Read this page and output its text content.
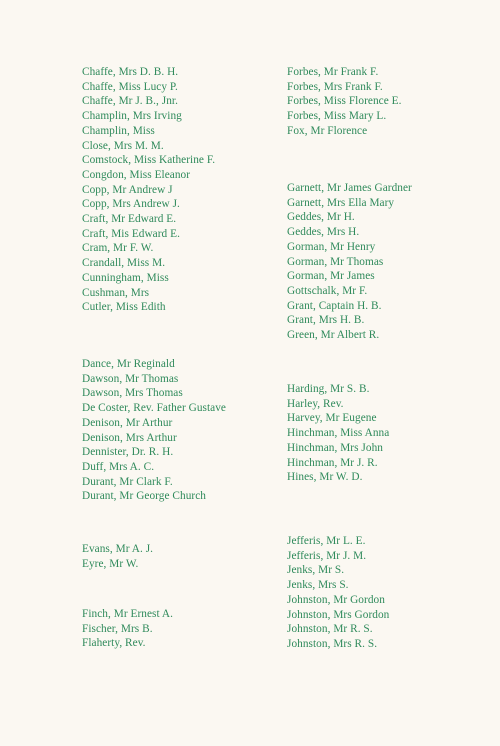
Chaffe, Mrs D. B. H.
Chaffe, Miss Lucy P.
Chaffe, Mr J. B., Jnr.
Champlin, Mrs Irving
Champlin, Miss
Close, Mrs M. M.
Comstock, Miss Katherine F.
Congdon, Miss Eleanor
Copp, Mr Andrew J
Copp, Mrs Andrew J.
Craft, Mr Edward E.
Craft, Mis Edward E.
Cram, Mr F. W.
Crandall, Miss M.
Cunningham, Miss
Cushman, Mrs
Cutler, Miss Edith
Dance, Mr Reginald
Dawson, Mr Thomas
Dawson, Mrs Thomas
De Coster, Rev. Father Gustave
Denison, Mr Arthur
Denison, Mrs Arthur
Dennister, Dr. R. H.
Duff, Mrs A. C.
Durant, Mr Clark F.
Durant, Mr George Church
Evans, Mr A. J.
Eyre, Mr W.
Finch, Mr Ernest A.
Fischer, Mrs B.
Flaherty, Rev.
Forbes, Mr Frank F.
Forbes, Mrs Frank F.
Forbes, Miss Florence E.
Forbes, Miss Mary L.
Fox, Mr Florence
Garnett, Mr James Gardner
Garnett, Mrs Ella Mary
Geddes, Mr H.
Geddes, Mrs H.
Gorman, Mr Henry
Gorman, Mr Thomas
Gorman, Mr James
Gottschalk, Mr F.
Grant, Captain H. B.
Grant, Mrs H. B.
Green, Mr Albert R.
Harding, Mr S. B.
Harley, Rev.
Harvey, Mr Eugene
Hinchman, Miss Anna
Hinchman, Mrs John
Hinchman, Mr J. R.
Hines, Mr W. D.
Jefferis, Mr L. E.
Jefferis, Mr J. M.
Jenks, Mr S.
Jenks, Mrs S.
Johnston, Mr Gordon
Johnston, Mrs Gordon
Johnston, Mr R. S.
Johnston, Mrs R. S.
